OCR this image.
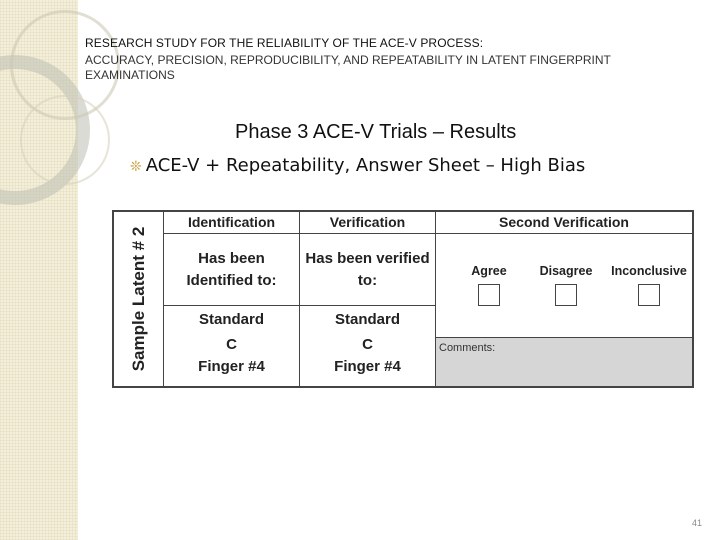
RESEARCH STUDY FOR THE RELIABILITY OF THE ACE-V PROCESS:
ACCURACY, PRECISION, REPRODUCIBILITY, AND REPEATABILITY IN LATENT FINGERPRINT EXAMINATIONS
Phase 3 ACE-V Trials – Results
❊ ACE-V + Repeatability, Answer Sheet – High Bias
Sample Latent # 2
Identification
Has been
Identified to:
Standard
C
Finger #4
Verification
Has been verified
to:
Standard
C
Finger #4
Second Verification
Agree	Disagree	Inconclusive
Comments:
41
